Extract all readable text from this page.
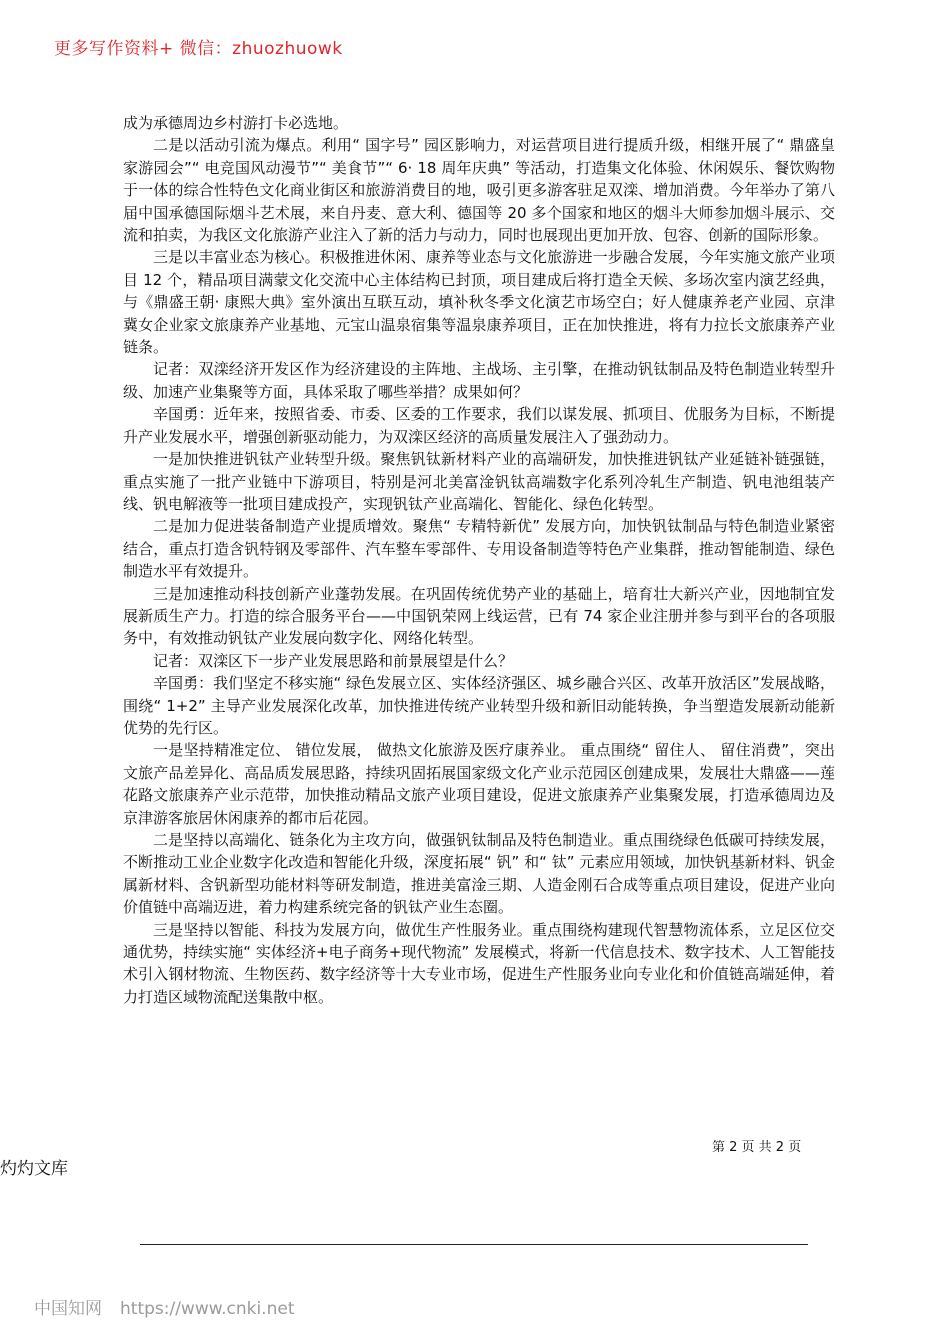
更多写作资料+ 微信：zhuozhuowk

成为承德周边乡村游打卡必选地。

二是以活动引流为爆点。利用“ 国字号” 园区影响力，对运营项目进行提质升级，相继开展了“ 鼎盛皇家游园会”“ 电竞国风动漫节”“ 美食节”“ 6· 18 周年庆典” 等活动，打造集文化体验、休闲娱乐、餐饮购物于一体的综合性特色文化商业街区和旅游消费目的地，吸引更多游客驻足双滦、增加消费。今年举办了第八届中国承德国际烟斗艺术展，来自丹麦、意大利、德国等 20 多个国家和地区的烟斗大师参加烟斗展示、交流和拍卖，为我区文化旅游产业注入了新的活力与动力，同时也展现出更加开放、包容、创新的国际形象。

三是以丰富业态为核心。积极推进休闲、康养等业态与文化旅游进一步融合发展，今年实施文旅产业项目 12 个，精品项目满蒙文化交流中心主体结构已封顶，项目建成后将打造全天候、多场次室内演艺经典，与《鼎盛王朝· 康熙大典》室外演出互联互动，填补秋冬季文化演艺市场空白；好人健康养老产业园、京津冀女企业家文旅康养产业基地、元宝山温泉宿集等温泉康养项目，正在加快推进，将有力拉长文旅康养产业链条。

记者：双滦经济开发区作为经济建设的主阵地、主战场、主引擎，在推动钒钛制品及特色制造业转型升级、加速产业集聚等方面，具体采取了哪些举措？成果如何？

辛国勇：近年来，按照省委、市委、区委的工作要求，我们以谋发展、抓项目、优服务为目标，不断提升产业发展水平，增强创新驱动能力，为双滦区经济的高质量发展注入了强劲动力。

一是加快推进钒钛产业转型升级。聚焦钒钛新材料产业的高端研发，加快推进钒钛产业延链补链强链，重点实施了一批产业链中下游项目，特别是河北美富淦钒钛高端数字化系列冷轧生产制造、钒电池组装产线、钒电解液等一批项目建成投产，实现钒钛产业高端化、智能化、绿色化转型。

二是加力促进装备制造产业提质增效。聚焦“ 专精特新优” 发展方向，加快钒钛制品与特色制造业紧密结合，重点打造含钒特钢及零部件、汽车整车零部件、专用设备制造等特色产业集群，推动智能制造、绿色制造水平有效提升。

三是加速推动科技创新产业蓬勃发展。在巩固传统优势产业的基础上，培育壮大新兴产业，因地制宜发展新质生产力。打造的综合服务平台——中国钒荣网上线运营，已有 74 家企业注册并参与到平台的各项服务中，有效推动钒钛产业发展向数字化、网络化转型。

记者：双滦区下一步产业发展思路和前景展望是什么？

辛国勇：我们坚定不移实施“ 绿色发展立区、实体经济强区、城乡融合兴区、改革开放活区”发展战略，围绕“ 1+2” 主导产业发展深化改革，加快推进传统产业转型升级和新旧动能转换，争当塑造发展新动能新优势的先行区。

一是坚持精准定位、 错位发展， 做热文化旅游及医疗康养业。 重点围绕“ 留住人、 留住消费”，突出文旅产品差异化、高品质发展思路，持续巩固拓展国家级文化产业示范园区创建成果，发展壮大鼎盛——莲花路文旅康养产业示范带，加快推动精品文旅产业项目建设，促进文旅康养产业集聚发展，打造承德周边及京津游客旅居休闲康养的都市后花园。

二是坚持以高端化、链条化为主攻方向，做强钒钛制品及特色制造业。重点围绕绿色低碳可持续发展，不断推动工业企业数字化改造和智能化升级，深度拓展“ 钒” 和“ 钛” 元素应用领域，加快钒基新材料、钒金属新材料、含钒新型功能材料等研发制造，推进美富淦三期、人造金刚石合成等重点项目建设，促进产业向价值链中高端迈进，着力构建系统完备的钒钛产业生态圈。

三是坚持以智能、科技为发展方向，做优生产性服务业。重点围绕构建现代智慧物流体系，立足区位交通优势，持续实施“ 实体经济+电子商务+现代物流” 发展模式，将新一代信息技术、数字技术、人工智能技术引入钢材物流、生物医药、数字经济等十大专业市场，促进生产性服务业向专业化和价值链高端延伸，着力打造区域物流配送集散中枢。

第 2 页 共 2 页
灼灼文库
中国知网 https://www.cnki.net
